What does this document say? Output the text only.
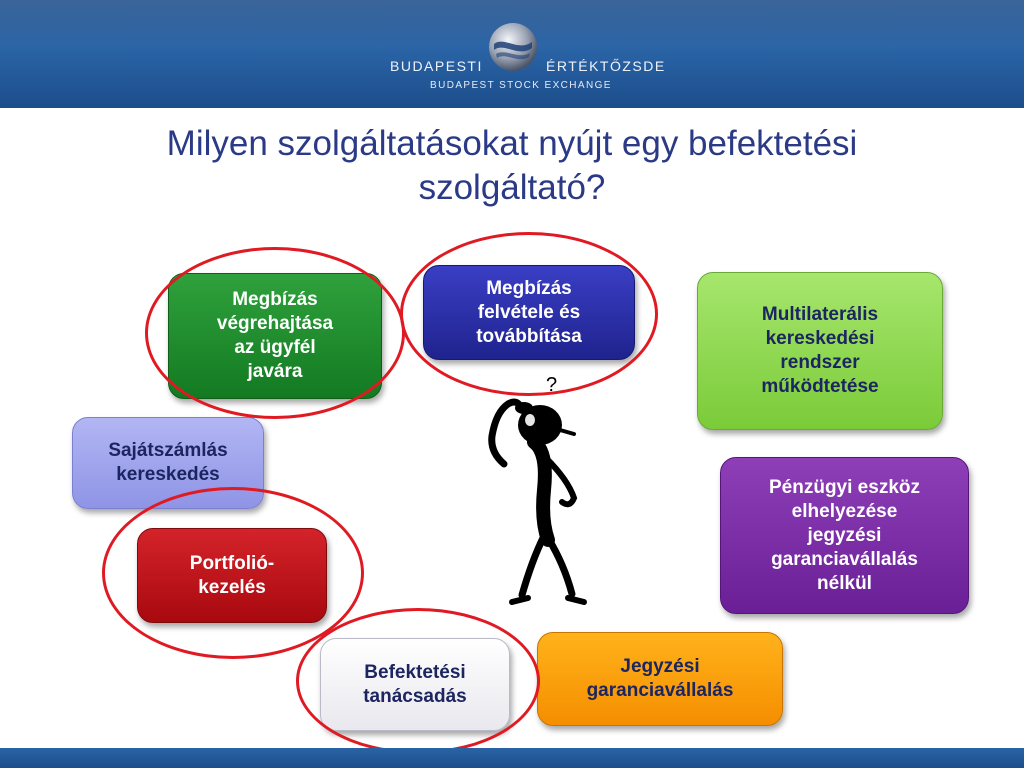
BUDAPESTI	ÉRTÉKTŐZSDE
BUDAPEST STOCK EXCHANGE
Milyen szolgáltatásokat nyújt egy befektetési
szolgáltató?
Megbízás
végrehajtása
az ügyfél
javára
Megbízás
felvétele és
továbbítása
Multilaterális
kereskedési
rendszer
működtetése
Sajátszámlás
kereskedés
Portfolió-
kezelés
Pénzügyi eszköz
elhelyezése
jegyzési
garanciavállalás
nélkül
Befektetési
tanácsadás
Jegyzési
garanciavállalás
?
